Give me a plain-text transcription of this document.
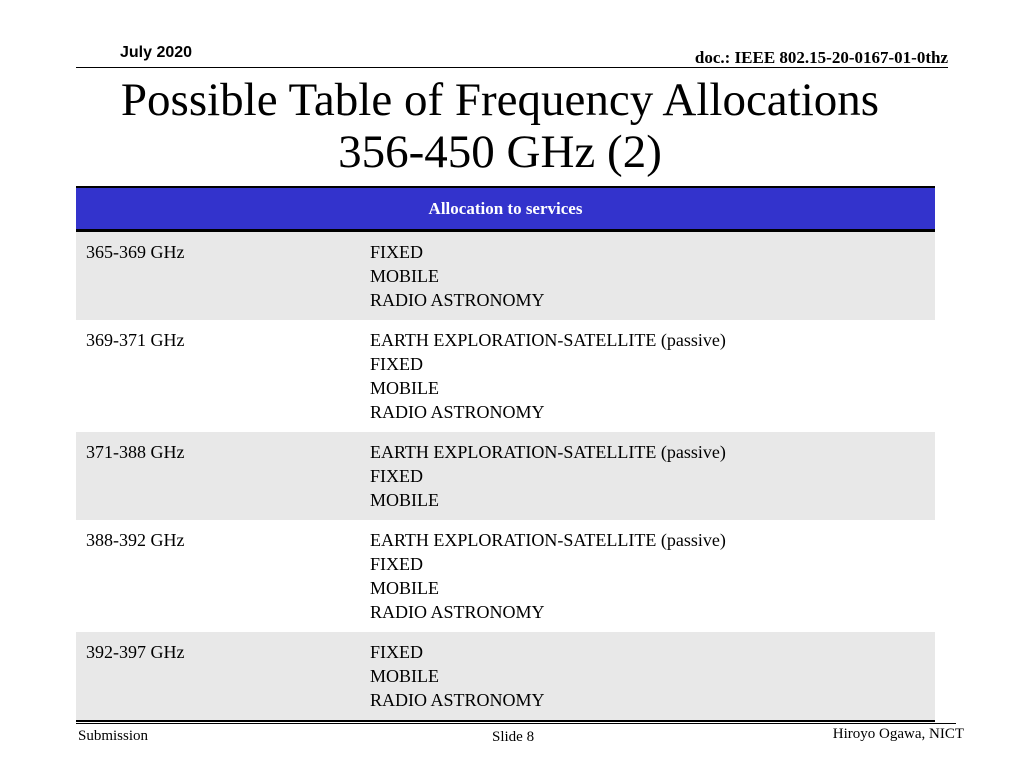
July 2020	doc.: IEEE 802.15-20-0167-01-0thz
Possible Table of Frequency Allocations
356-450 GHz (2)
Allocation to services	
365-369 GHz	FIXED
MOBILE
RADIO ASTRONOMY

369-371 GHz	EARTH EXPLORATION-SATELLITE (passive)
FIXED
MOBILE
RADIO ASTRONOMY

371-388 GHz	EARTH EXPLORATION-SATELLITE (passive)
FIXED
MOBILE

388-392 GHz	EARTH EXPLORATION-SATELLITE (passive)
FIXED
MOBILE
RADIO ASTRONOMY

392-397 GHz	FIXED
MOBILE
RADIO ASTRONOMY
Submission	Slide 8	Hiroyo Ogawa, NICT
